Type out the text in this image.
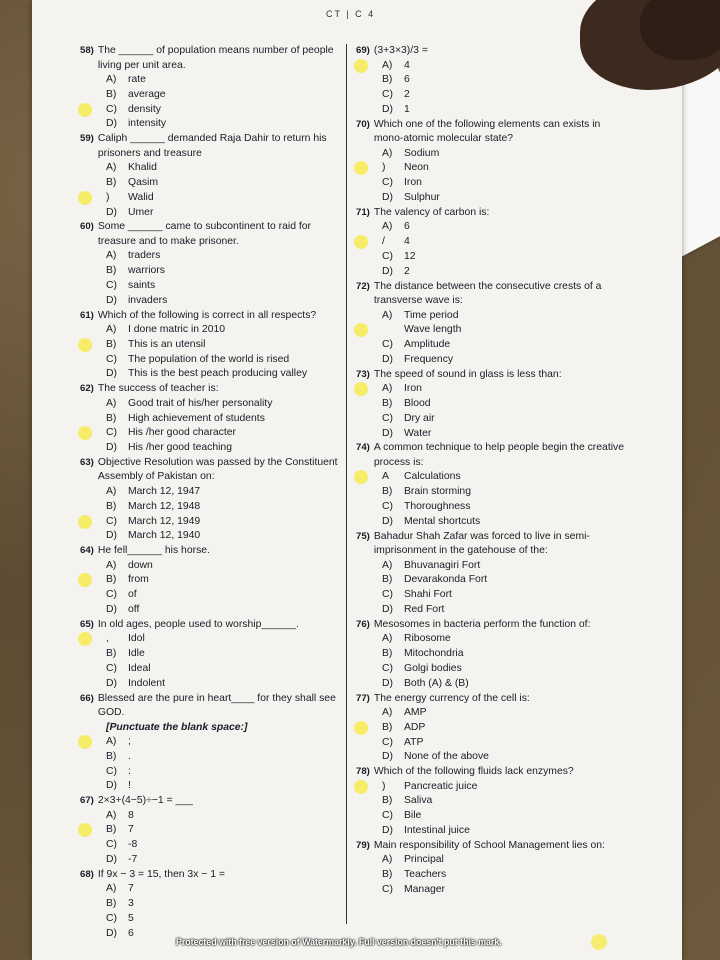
CT | C 4
58) The ______ of population means number of people living per unit area.
A)	rate
B)	average
C)	density
D)	intensity
59) Caliph ______ demanded Raja Dahir to return his prisoners and treasure
A)	Khalid
B)	Qasim
)	Walid
D)	Umer
60) Some ______ came to subcontinent to raid for treasure and to make prisoner.
A)	traders
B)	warriors
C)	saints
D)	invaders
61) Which of the following is correct in all respects?
A)	I done matric in 2010
B)	This is an utensil
C)	The population of the world is rised
D)	This is the best peach producing valley
62) The success of teacher is:
A)	Good trait of his/her personality
B)	High achievement of students
C)	His /her good character
D)	His /her good teaching
63) Objective Resolution was passed by the Constituent Assembly of Pakistan on:
A)	March 12, 1947
B)	March 12, 1948
C)	March 12, 1949
D)	March 12, 1940
64) He fell______ his horse.
A)	down
B)	from
C)	of
D)	off
65) In old ages, people used to worship______.
,	Idol
B)	Idle
C)	Ideal
D)	Indolent
66) Blessed are the pure in heart____ for they shall see GOD.
[Punctuate the blank space:]
A)	;
B)	.
C)	:
D)	!
67) 2×3+(4−5)÷−1 = ___
A)	8
B)	7
C)	-8
D)	-7
68) If 9x − 3 = 15, then 3x − 1 =
A)	7
B)	3
C)	5
D)	6
69) (3+3×3)/3 =
A)	4
B)	6
C)	2
D)	1
70) Which one of the following elements can exists in mono-atomic molecular state?
A)	Sodium
)	Neon
C)	Iron
D)	Sulphur
71) The valency of carbon is:
A)	6
/	4
C)	12
D)	2
72) The distance between the consecutive crests of a transverse wave is:
A)	Time period
Wave length
C)	Amplitude
D)	Frequency
73) The speed of sound in glass is less than:
A)	Iron
B)	Blood
C)	Dry air
D)	Water
74) A common technique to help people begin the creative process is:
A	Calculations
B)	Brain storming
C)	Thoroughness
D)	Mental shortcuts
75) Bahadur Shah Zafar was forced to live in semi-imprisonment in the gatehouse of the:
A)	Bhuvanagiri Fort
B)	Devarakonda Fort
C)	Shahi Fort
D)	Red Fort
76) Mesosomes in bacteria perform the function of:
A)	Ribosome
B)	Mitochondria
C)	Golgi bodies
D)	Both (A) & (B)
77) The energy currency of the cell is:
A)	AMP
B)	ADP
C)	ATP
D)	None of the above
78) Which of the following fluids lack enzymes?
)	Pancreatic juice
B)	Saliva
C)	Bile
D)	Intestinal juice
79) Main responsibility of School Management lies on:
A)	Principal
B)	Teachers
C)	Manager
Protected with free version of Watermarkly. Full version doesn't put this mark.
